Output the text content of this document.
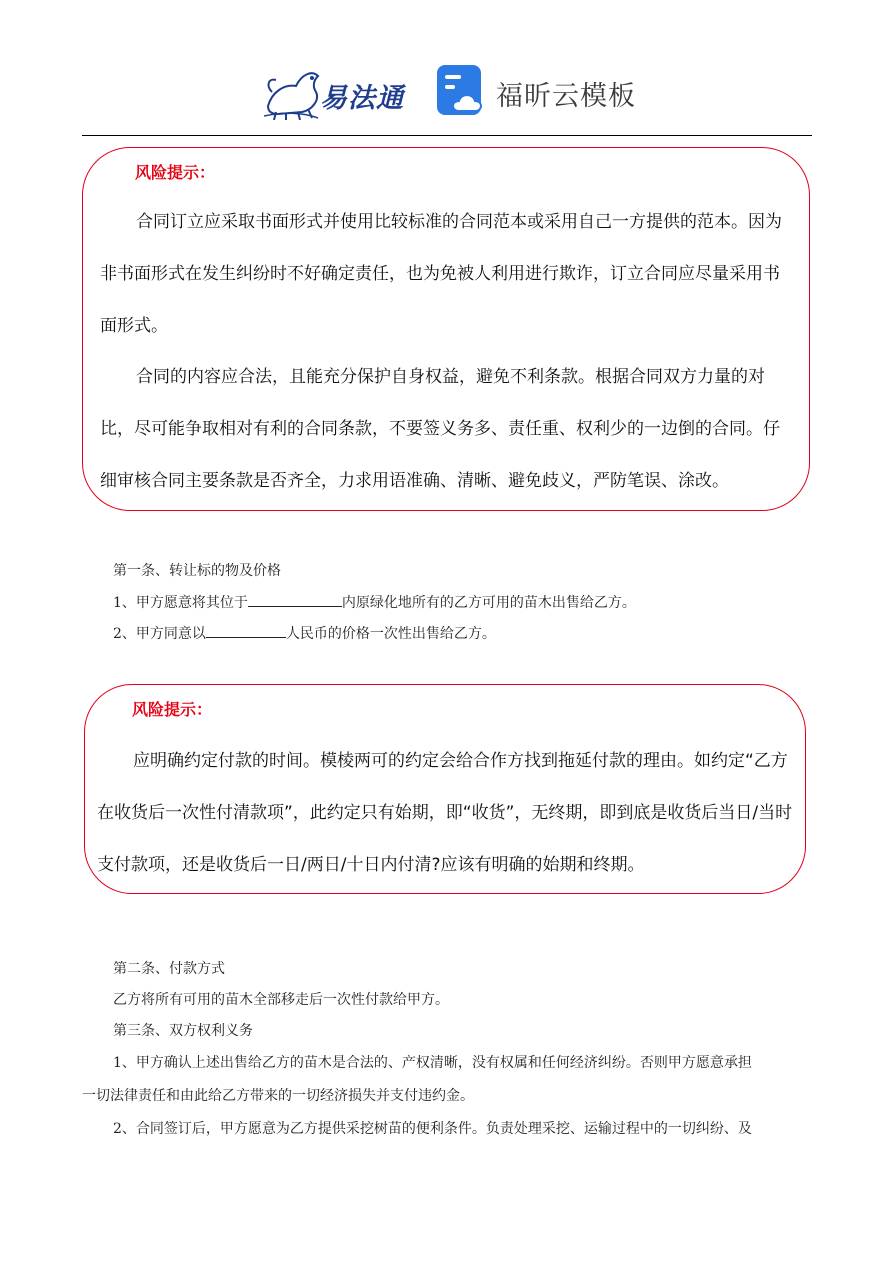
易法通	福昕云模板
风险提示：

合同订立应采取书面形式并使用比较标准的合同范本或采用自己一方提供的范本。因为非书面形式在发生纠纷时不好确定责任，也为免被人利用进行欺诈，订立合同应尽量采用书面形式。

合同的内容应合法，且能充分保护自身权益，避免不利条款。根据合同双方力量的对比，尽可能争取相对有利的合同条款，不要签义务多、责任重、权利少的一边倒的合同。仔细审核合同主要条款是否齐全，力求用语准确、清晰、避免歧义，严防笔误、涂改。

第一条、转让标的物及价格
1、甲方愿意将其位于	内原绿化地所有的乙方可用的苗木出售给乙方。
2、甲方同意以	人民币的价格一次性出售给乙方。
风险提示：

应明确约定付款的时间。模棱两可的约定会给合作方找到拖延付款的理由。如约定“乙方在收货后一次性付清款项”，此约定只有始期，即“收货”，无终期，即到底是收货后当日/当时支付款项，还是收货后一日/两日/十日内付清?应该有明确的始期和终期。

第二条、付款方式
乙方将所有可用的苗木全部移走后一次性付款给甲方。
第三条、双方权利义务
1、甲方确认上述出售给乙方的苗木是合法的、产权清晰，没有权属和任何经济纠纷。否则甲方愿意承担
一切法律责任和由此给乙方带来的一切经济损失并支付违约金。
2、合同签订后，甲方愿意为乙方提供采挖树苗的便利条件。负责处理采挖、运输过程中的一切纠纷、及
